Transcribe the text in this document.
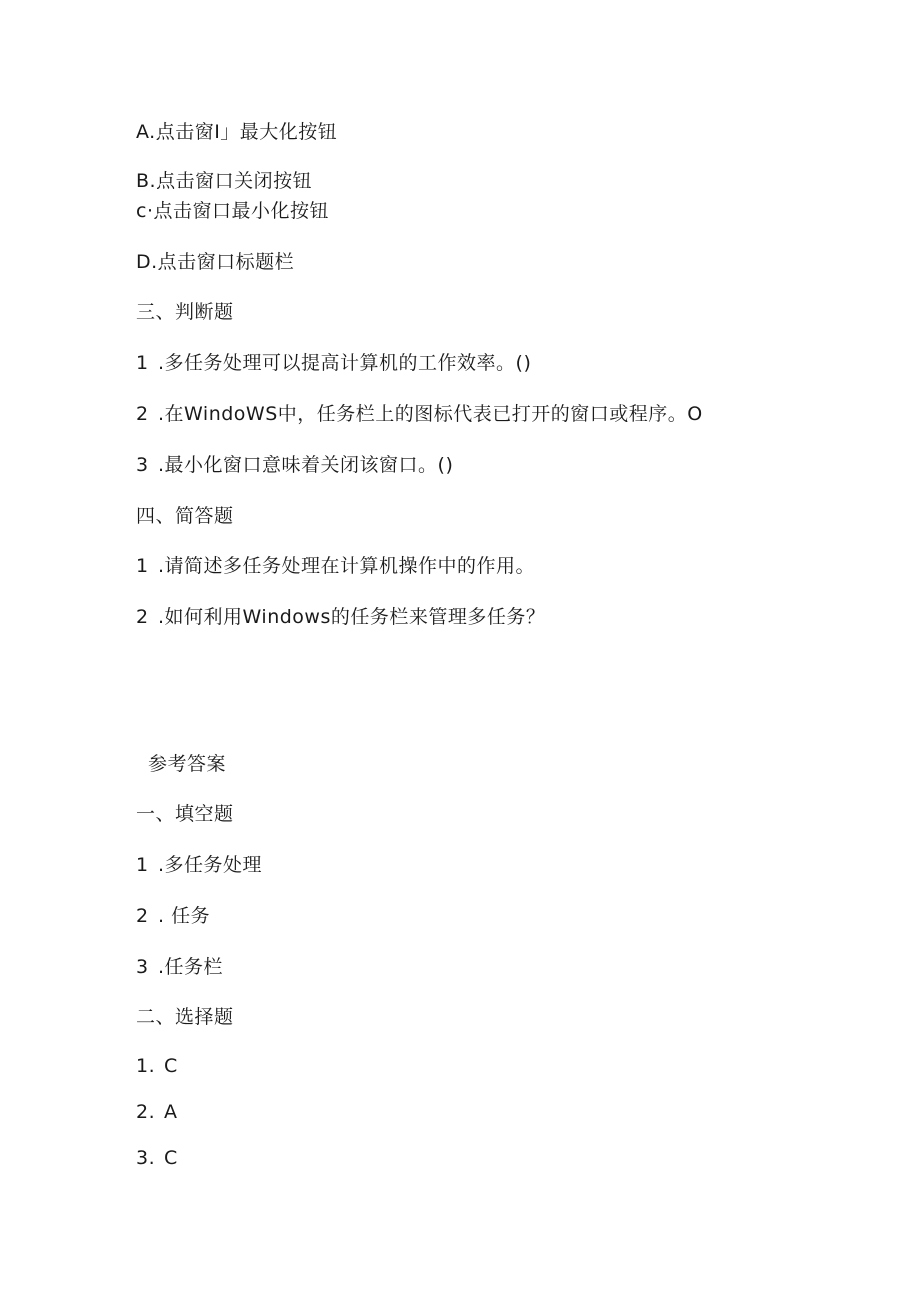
A.点击窗I」最大化按钮
B.点击窗口关闭按钮
c·点击窗口最小化按钮
D.点击窗口标题栏
三、判断题
1 .多任务处理可以提高计算机的工作效率。()
2 .在WindoWS中，任务栏上的图标代表已打开的窗口或程序。O
3 .最小化窗口意味着关闭该窗口。()
四、简答题
1 .请简述多任务处理在计算机操作中的作用。
2 .如何利用Windows的任务栏来管理多任务？
参考答案
一、填空题
1 .多任务处理
2 . 任务
3 .任务栏
二、选择题
1. C
2. A
3. C
